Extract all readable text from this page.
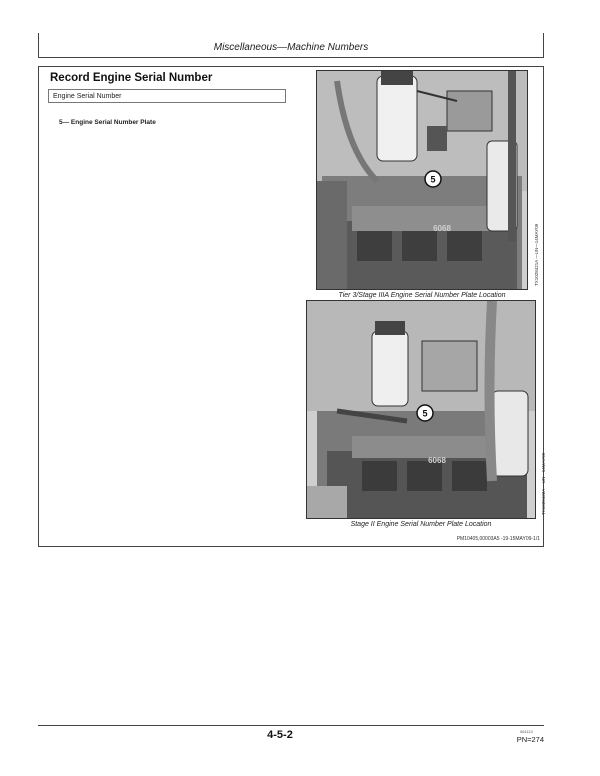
Miscellaneous—Machine Numbers
Record Engine Serial Number
Engine Serial Number
5— Engine Serial Number Plate
5
6068	TX1028421A —UN—14MAY09
Tier 3/Stage IIIA Engine Serial Number Plate Location
5
6068	TX1028422A —UN—14MAY09
Stage II Engine Serial Number Plate Location
PM10405,00003A5 -19-15MAY09-1/1
4-5-2	061113
PN=274
